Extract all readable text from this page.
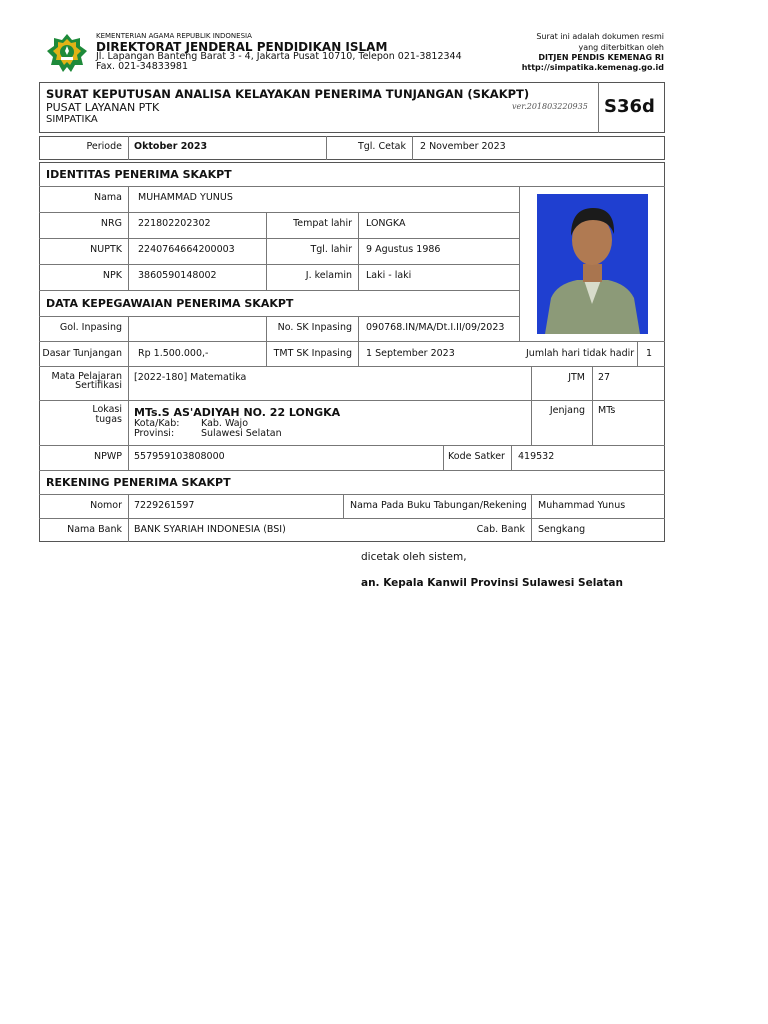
KEMENTERIAN AGAMA REPUBLIK INDONESIA
DIREKTORAT JENDERAL PENDIDIKAN ISLAM
Jl. Lapangan Banteng Barat 3 - 4, Jakarta Pusat 10710, Telepon 021-3812344
Fax. 021-34833981
Surat ini adalah dokumen resmi
yang diterbitkan oleh
DITJEN PENDIS KEMENAG RI
http://simpatika.kemenag.go.id
SURAT KEPUTUSAN ANALISA KELAYAKAN PENERIMA TUNJANGAN (SKAKPT)
PUSAT LAYANAN PTK
SIMPATIKA
ver.201803220935 S36d
Periode Oktober 2023	Tgl. Cetak 2 November 2023
IDENTITAS PENERIMA SKAKPT
Nama MUHAMMAD YUNUS
NRG 221802202302	Tempat lahir LONGKA
NUPTK 2240764664200003	Tgl. lahir 9 Agustus 1986
NPK 3860590148002	J. kelamin Laki - laki
DATA KEPEGAWAIAN PENERIMA SKAKPT
Gol. Inpasing	No. SK Inpasing 090768.IN/MA/Dt.I.II/09/2023
Dasar Tunjangan Rp 1.500.000,-	TMT SK Inpasing 1 September 2023	Jumlah hari tidak hadir 1
Mata Pelajaran
Sertifikasi
[2022-180] Matematika	JTM 27
Lokasi
tugas
MTs.S AS'ADIYAH NO. 22 LONGKA
Kota/Kab: Kab. Wajo
Provinsi:	Sulawesi Selatan
Jenjang MTs
NPWP 557959103808000	Kode Satker 419532
REKENING PENERIMA SKAKPT
Nomor 7229261597	Nama Pada Buku Tabungan/Rekening Muhammad Yunus
Nama Bank BANK SYARIAH INDONESIA (BSI)	Cab. Bank Sengkang
dicetak oleh sistem,
an. Kepala Kanwil Provinsi Sulawesi Selatan
